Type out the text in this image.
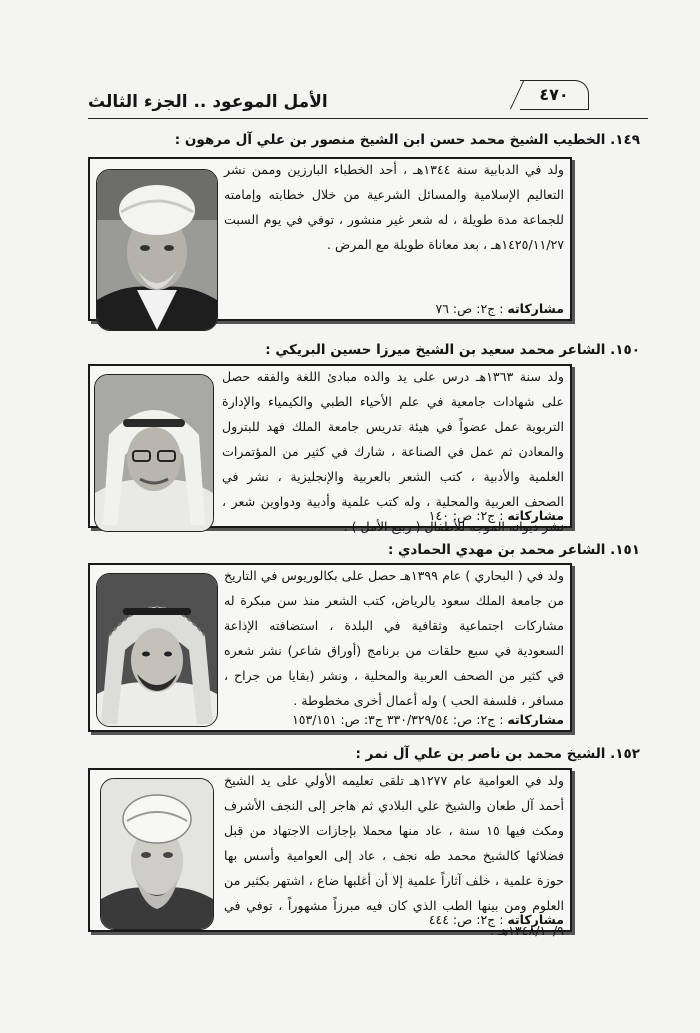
الأمل الموعود .. الجزء الثالث	٤٧٠
١٤٩. الخطيب الشيخ محمد حسن ابن الشيخ منصور بن علي آل مرهون :
ولد في الدبابية سنة ١٣٤٤هـ ، أحد الخطباء البارزين وممن نشر التعاليم الإسلامية والمسائل الشرعية من خلال خطابته وإمامته للجماعة مدة طويلة ، له شعر غير منشور ، توفي في يوم السبت ١٤٢٥/١١/٢٧هـ ، بعد معاناة طويلة مع المرض .
مشاركاته : ج٢: ص: ٧٦
١٥٠. الشاعر محمد سعيد بن الشيخ ميرزا حسين البريكي :
ولد سنة ١٣٦٣هـ درس على يد والده مبادئ اللغة والفقه حصل على شهادات جامعية في علم الأحياء الطبي والكيمياء والإدارة التربوية عمل عضواً في هيئة تدريس جامعة الملك فهد للبترول والمعادن ثم عمل في الصناعة ، شارك في كثير من المؤتمرات العلمية والأدبية ، كتب الشعر بالعربية والإنجليزية ، نشر في الصحف العربية والمحلية ، وله كتب علمية وأدبية ودواوين شعر ، نشر ديوانه الموجه للأطفال ( ربيع الأمل ) .
مشاركاته : ج٢: ص: ١٤٠
١٥١. الشاعر محمد بن مهدي الحمادي :
ولد في ( البحاري ) عام ١٣٩٩هـ حصل على بكالوريوس في التاريخ من جامعة الملك سعود بالرياض، كتب الشعر منذ سن مبكرة له مشاركات اجتماعية وثقافية في البلدة ، استضافته الإذاعة السعودية في سبع حلقات من برنامج (أوراق شاعر) نشر شعره في كثير من الصحف العربية والمحلية ، ونشر (بقايا من جراح ، مسافر ، فلسفة الحب ) وله أعمال أخرى مخطوطة .
مشاركاته : ج٢: ص: ٣٣٠/٣٢٩/٥٤ ج٣: ص: ١٥٣/١٥١
١٥٢. الشيخ محمد بن ناصر بن علي آل نمر :
ولد في العوامية عام ١٢٧٧هـ تلقى تعليمه الأولي على يد الشيخ أحمد آل طعان والشيخ علي البلادي ثم هاجر إلى النجف الأشرف ومكث فيها ١٥ سنة ، عاد منها محملا بإجازات الاجتهاد من قبل فضلائها كالشيخ محمد طه نجف ، عاد إلى العوامية وأسس بها حوزة علمية ، خلف آثاراً علمية إلا أن أغلبها ضاع ، اشتهر بكثير من العلوم ومن بينها الطب الذي كان فيه مبرزاً مشهوراً ، توفي في ١٣٤٨/١٠/٩هـ .
مشاركاته : ج٢: ص: ٤٤٤
